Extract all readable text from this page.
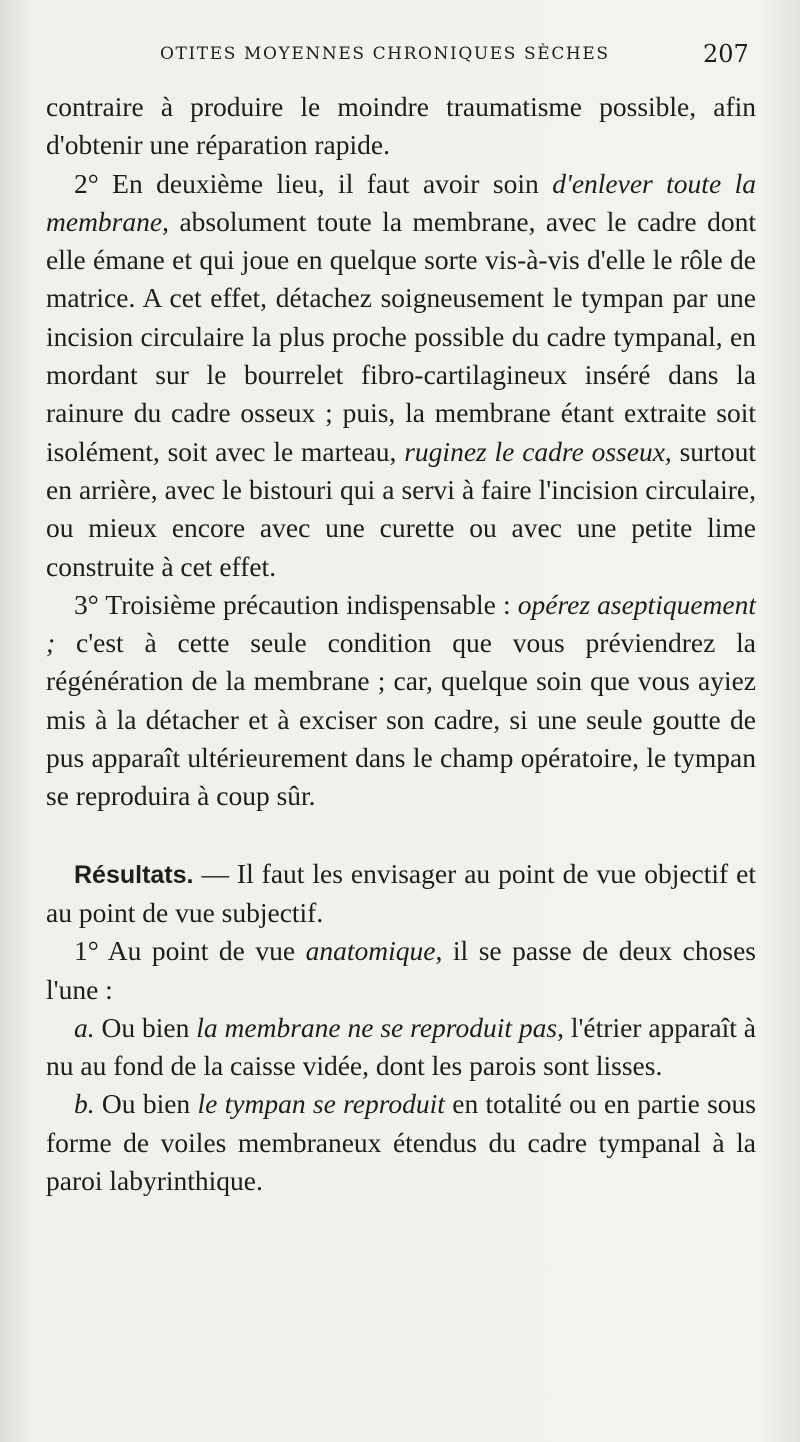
OTITES MOYENNES CHRONIQUES SÈCHES	207

contraire à produire le moindre traumatisme possible, afin d'obtenir une réparation rapide.

2° En deuxième lieu, il faut avoir soin d'enlever toute la membrane, absolument toute la membrane, avec le cadre dont elle émane et qui joue en quelque sorte vis-à-vis d'elle le rôle de matrice. A cet effet, détachez soigneusement le tympan par une incision circulaire la plus proche possible du cadre tympanal, en mordant sur le bourrelet fibro-cartilagineux inséré dans la rainure du cadre osseux ; puis, la membrane étant extraite soit isolément, soit avec le marteau, ruginez le cadre osseux, surtout en arrière, avec le bistouri qui a servi à faire l'incision circulaire, ou mieux encore avec une curette ou avec une petite lime construite à cet effet.

3° Troisième précaution indispensable : opérez aseptiquement ; c'est à cette seule condition que vous préviendrez la régénération de la membrane ; car, quelque soin que vous ayiez mis à la détacher et à exciser son cadre, si une seule goutte de pus apparaît ultérieurement dans le champ opératoire, le tympan se reproduira à coup sûr.

Résultats. — Il faut les envisager au point de vue objectif et au point de vue subjectif.

1° Au point de vue anatomique, il se passe de deux choses l'une :

a. Ou bien la membrane ne se reproduit pas, l'étrier apparaît à nu au fond de la caisse vidée, dont les parois sont lisses.

b. Ou bien le tympan se reproduit en totalité ou en partie sous forme de voiles membraneux étendus du cadre tympanal à la paroi labyrinthique.
